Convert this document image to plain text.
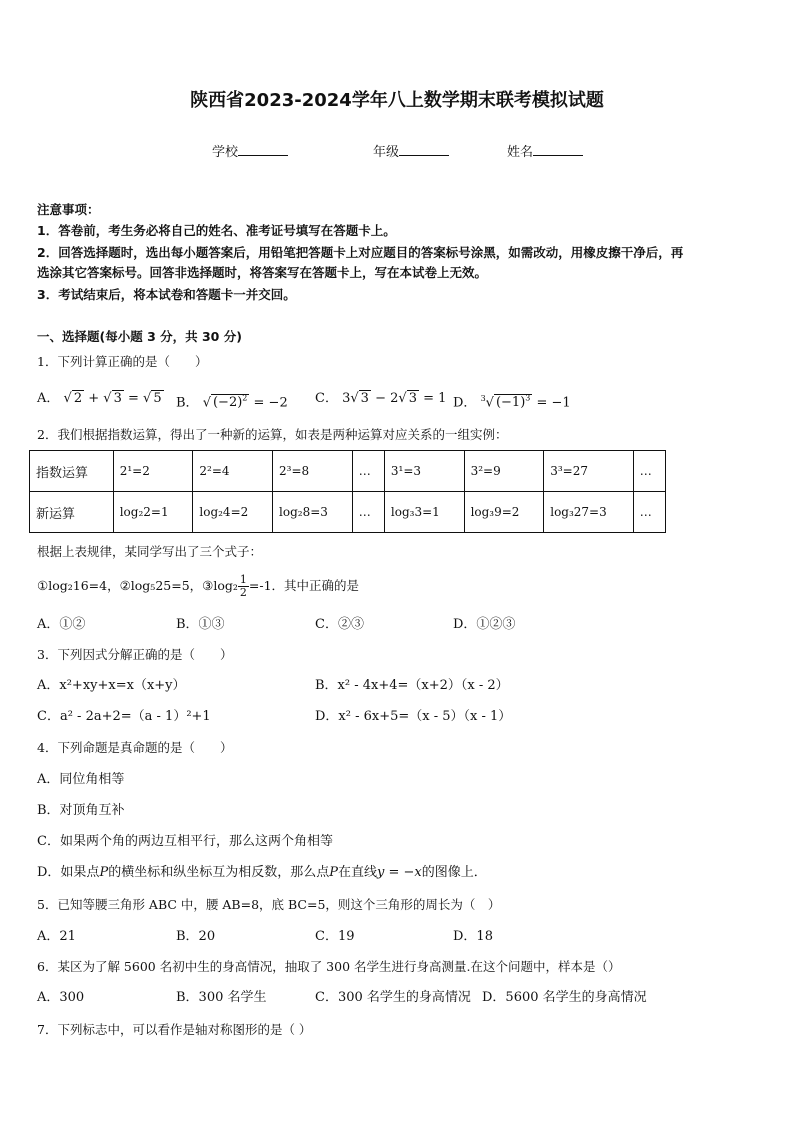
陕西省2023-2024学年八上数学期末联考模拟试题
学校	年级	姓名
注意事项：
1．答卷前，考生务必将自己的姓名、准考证号填写在答题卡上。
2．回答选择题时，选出每小题答案后，用铅笔把答题卡上对应题目的答案标号涂黑，如需改动，用橡皮擦干净后，再
选涂其它答案标号。回答非选择题时，将答案写在答题卡上，写在本试卷上无效。
3．考试结束后，将本试卷和答题卡一并交回。
一、选择题(每小题 3 分，共 30 分)
1．下列计算正确的是（　　）
A． √ 2 + √ 3 = √ 5 B． √ $(-2)^2 = -2$ C． 3√ 3 − 2√ 3 = 1 D． $^3$√ $(-1)^3 = -1$
2．我们根据指数运算，得出了一种新的运算，如表是两种运算对应关系的一组实例：
指数运算	2¹=2	2²=4	2³=8	…	3¹=3	3²=9	3³=27	…
新运算	log₂2=1	log₂4=2	log₂8=3	…	log₃3=1	log₃9=2	log₃27=3	…
根据上表规律，某同学写出了三个式子：
①log₂16=4，②log₅25=5，③log₂ $\frac{1}{2} =-1$．其中正确的是
A．①②	B．①③	C．②③	D．①②③
3．下列因式分解正确的是（　　）
A．x²+xy+x=x（x+y）	B．x² - 4x+4=（x+2）（x - 2）
C．a² - 2a+2=（a - 1）²+1	D．x² - 6x+5=（x - 5）（x - 1）
4．下列命题是真命题的是（　　）
A．同位角相等
B．对顶角互补
C．如果两个角的两边互相平行，那么这两个角相等
D．如果点P的横坐标和纵坐标互为相反数，那么点P在直线y = −x的图像上．
5．已知等腰三角形 ABC 中，腰 AB=8，底 BC=5，则这个三角形的周长为（　）
A．21	B．20	C．19	D．18
6．某区为了解 5600 名初中生的身高情况，抽取了 300 名学生进行身高测量.在这个问题中，样本是（）
A．300	B．300 名学生	C．300 名学生的身高情况 D．5600 名学生的身高情况
7．下列标志中，可以看作是轴对称图形的是（ ）
